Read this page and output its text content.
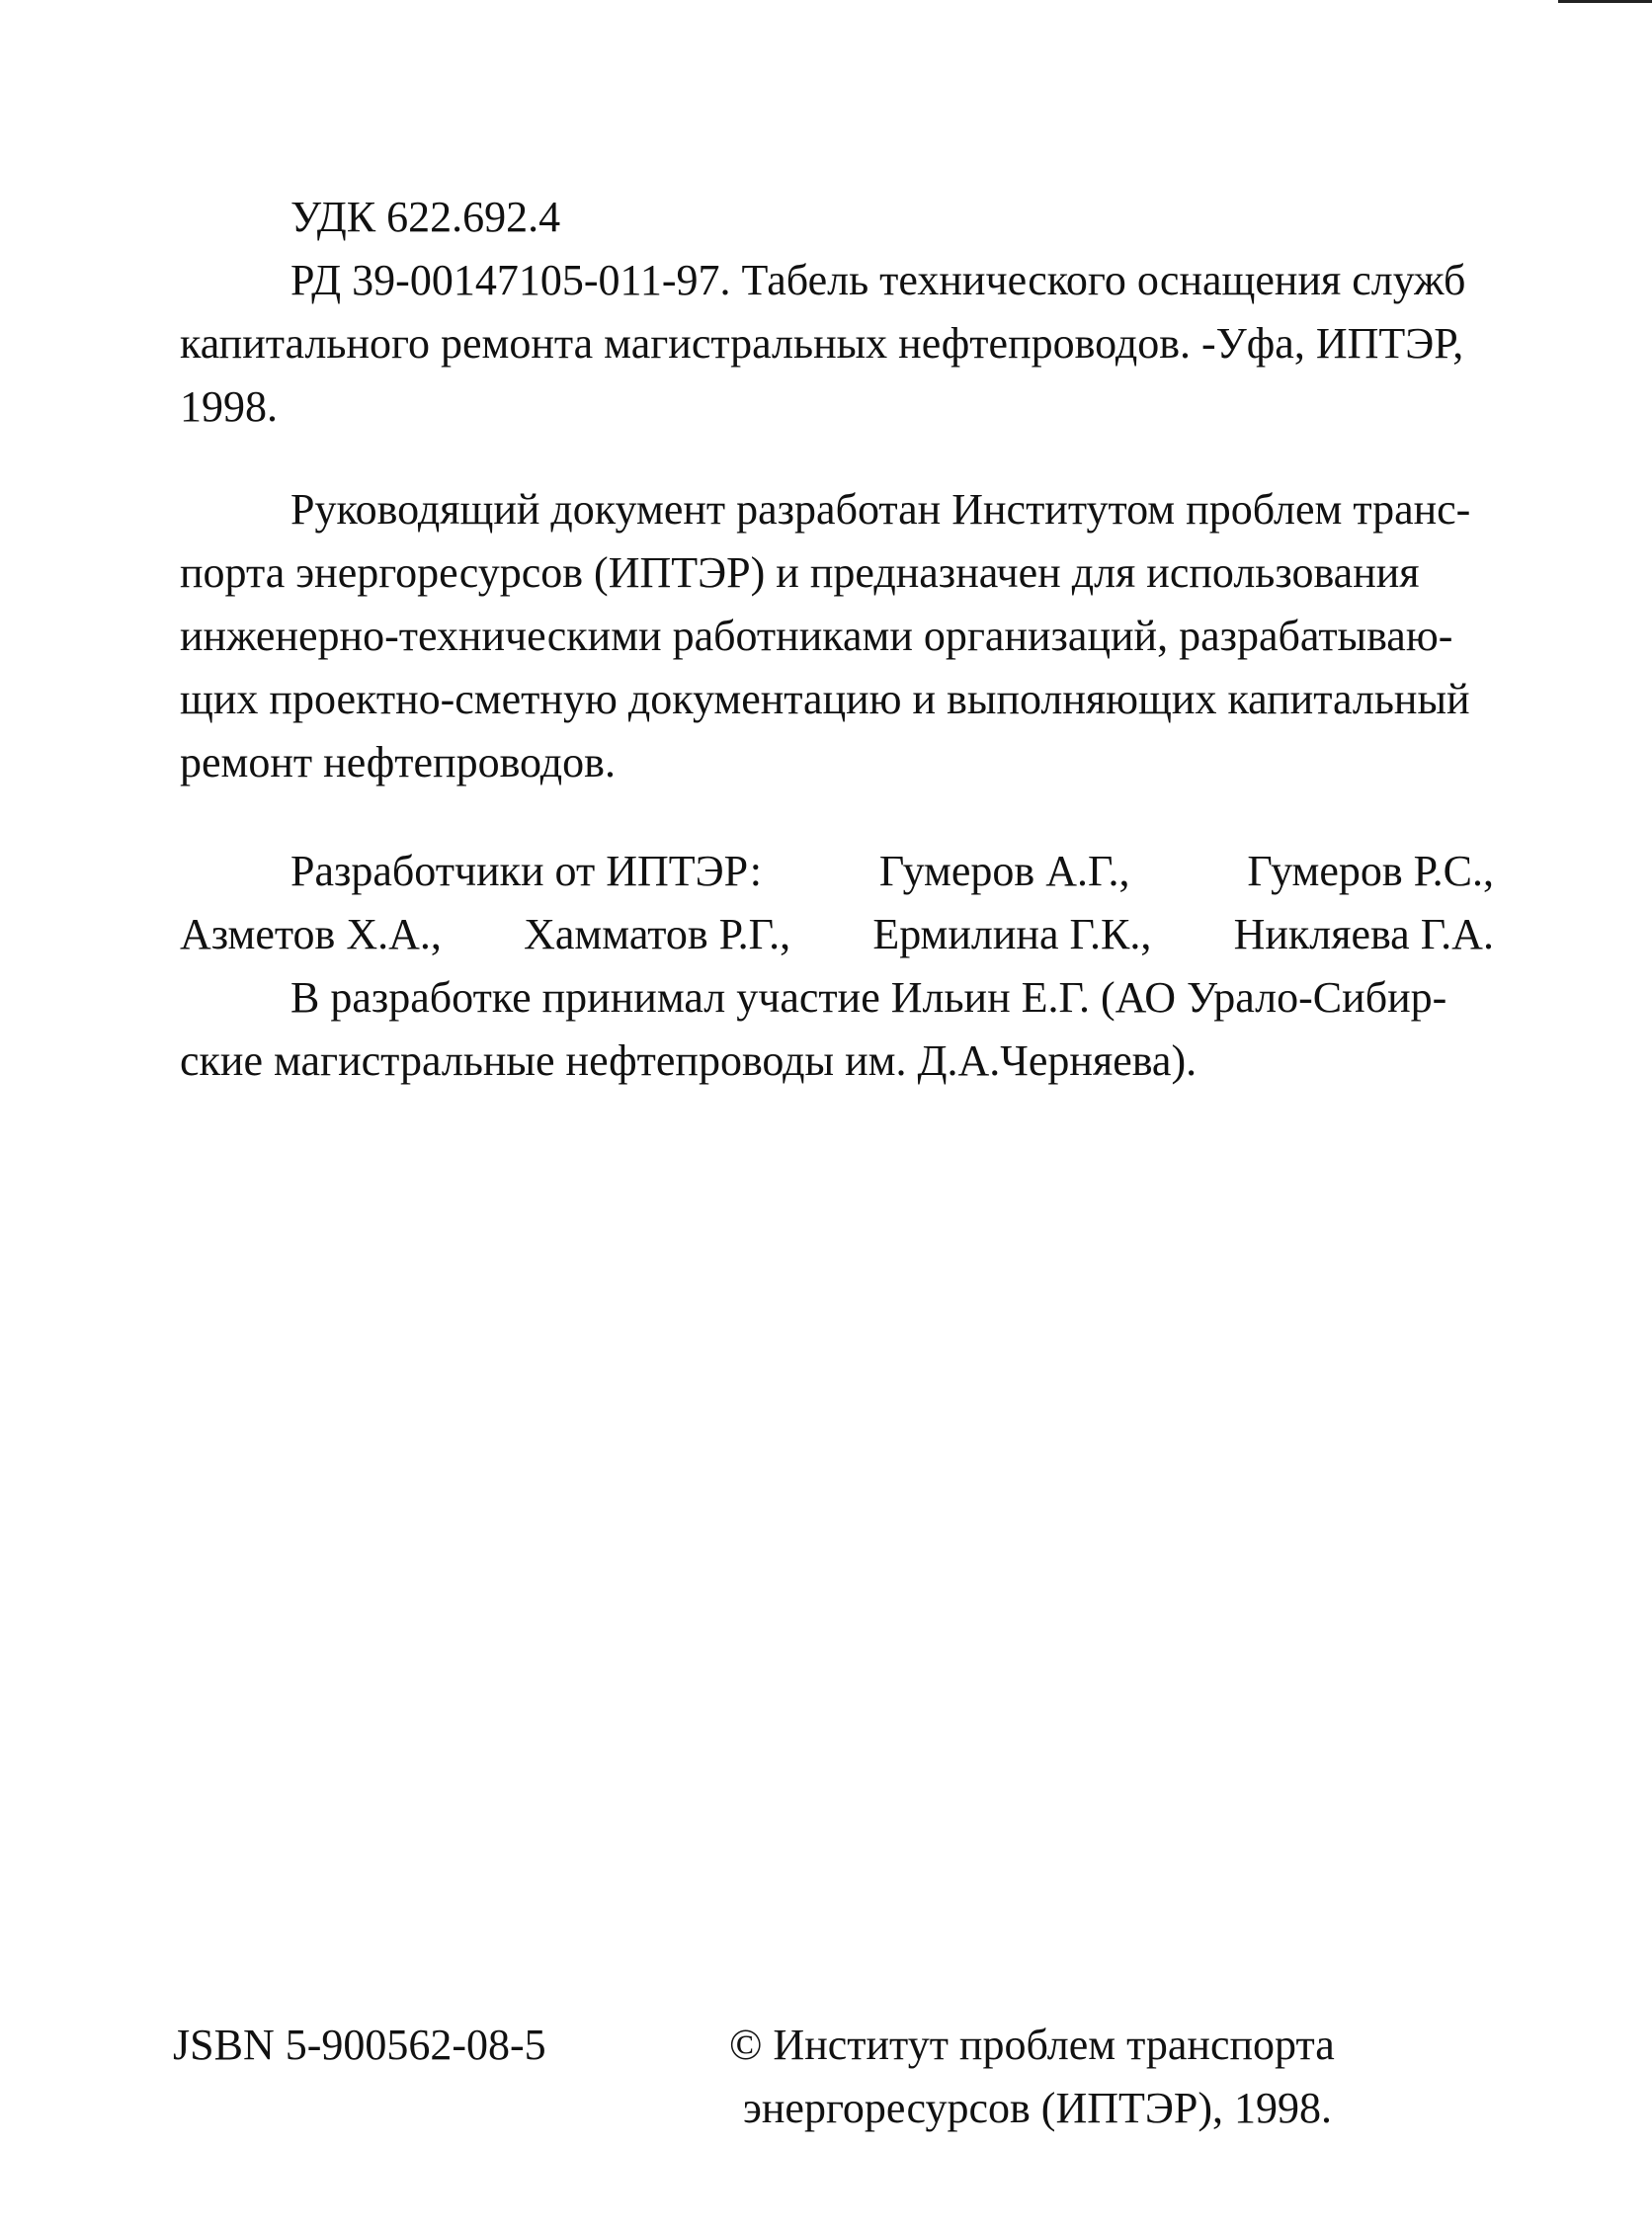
УДК 622.692.4
РД 39-00147105-011-97. Табель технического оснащения служб
капитального ремонта магистральных нефтепроводов. -Уфа, ИПТЭР,
1998.
Руководящий документ разработан Институтом проблем транс-
порта энергоресурсов (ИПТЭР) и предназначен для использования
инженерно-техническими работниками организаций, разрабатываю-
щих проектно-сметную документацию и выполняющих капитальный
ремонт нефтепроводов.
Разработчики от ИПТЭР:	Гумеров А.Г.,	Гумеров Р.С.,
Азметов Х.А., Хамматов Р.Г., Ермилина Г.К., Никляева Г.А.
В разработке принимал участие Ильин Е.Г. (АО Урало-Сибир-
ские магистральные нефтепроводы им. Д.А.Черняева).
JSBN 5-900562-08-5	© Институт проблем транспорта
энергоресурсов (ИПТЭР), 1998.
